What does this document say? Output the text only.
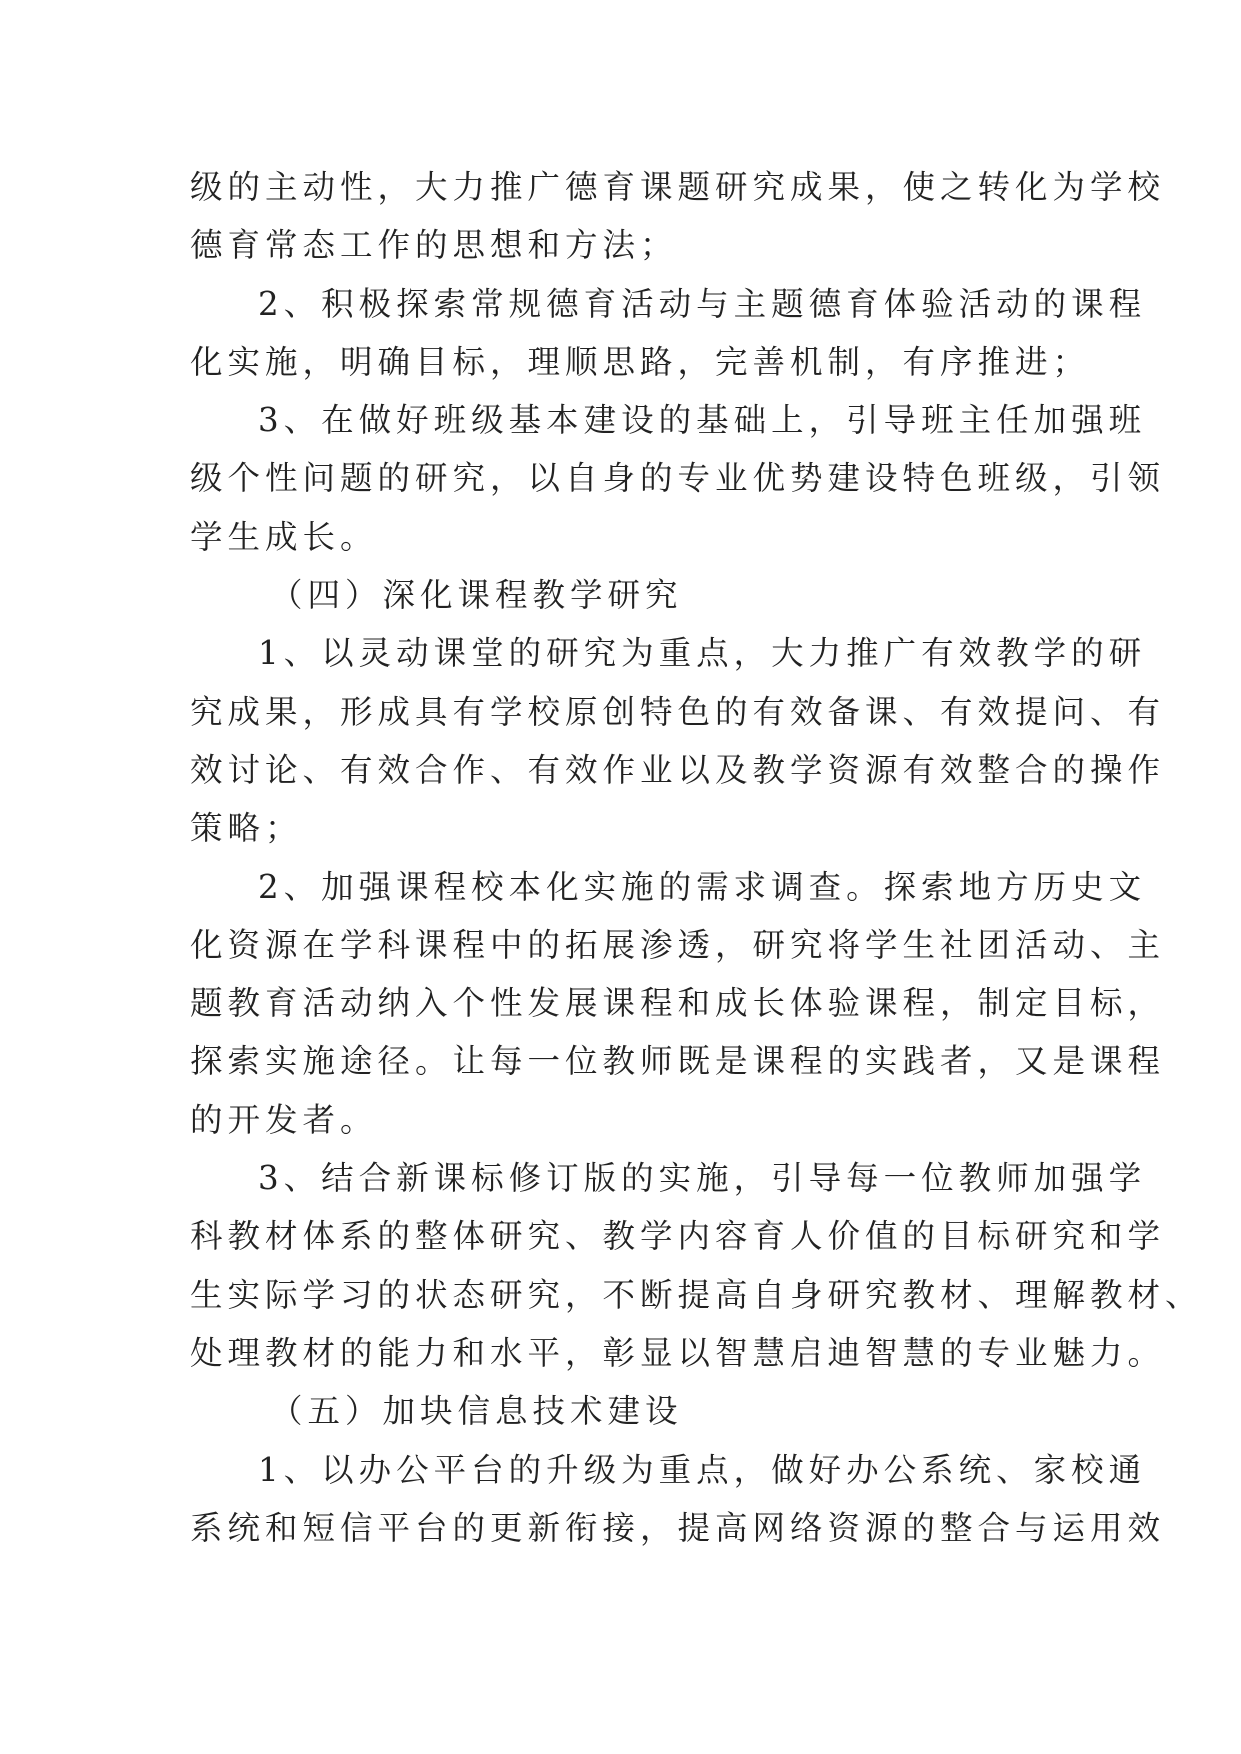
级的主动性，大力推广德育课题研究成果，使之转化为学校
德育常态工作的思想和方法；
2、积极探索常规德育活动与主题德育体验活动的课程
化实施，明确目标，理顺思路，完善机制，有序推进；
3、在做好班级基本建设的基础上，引导班主任加强班
级个性问题的研究，以自身的专业优势建设特色班级，引领
学生成长。
（四）深化课程教学研究
1、以灵动课堂的研究为重点，大力推广有效教学的研
究成果，形成具有学校原创特色的有效备课、有效提问、有
效讨论、有效合作、有效作业以及教学资源有效整合的操作
策略；
2、加强课程校本化实施的需求调查。探索地方历史文
化资源在学科课程中的拓展渗透，研究将学生社团活动、主
题教育活动纳入个性发展课程和成长体验课程，制定目标，
探索实施途径。让每一位教师既是课程的实践者，又是课程
的开发者。
3、结合新课标修订版的实施，引导每一位教师加强学
科教材体系的整体研究、教学内容育人价值的目标研究和学
生实际学习的状态研究，不断提高自身研究教材、理解教材、
处理教材的能力和水平，彰显以智慧启迪智慧的专业魅力。
（五）加块信息技术建设
1、以办公平台的升级为重点，做好办公系统、家校通
系统和短信平台的更新衔接，提高网络资源的整合与运用效
